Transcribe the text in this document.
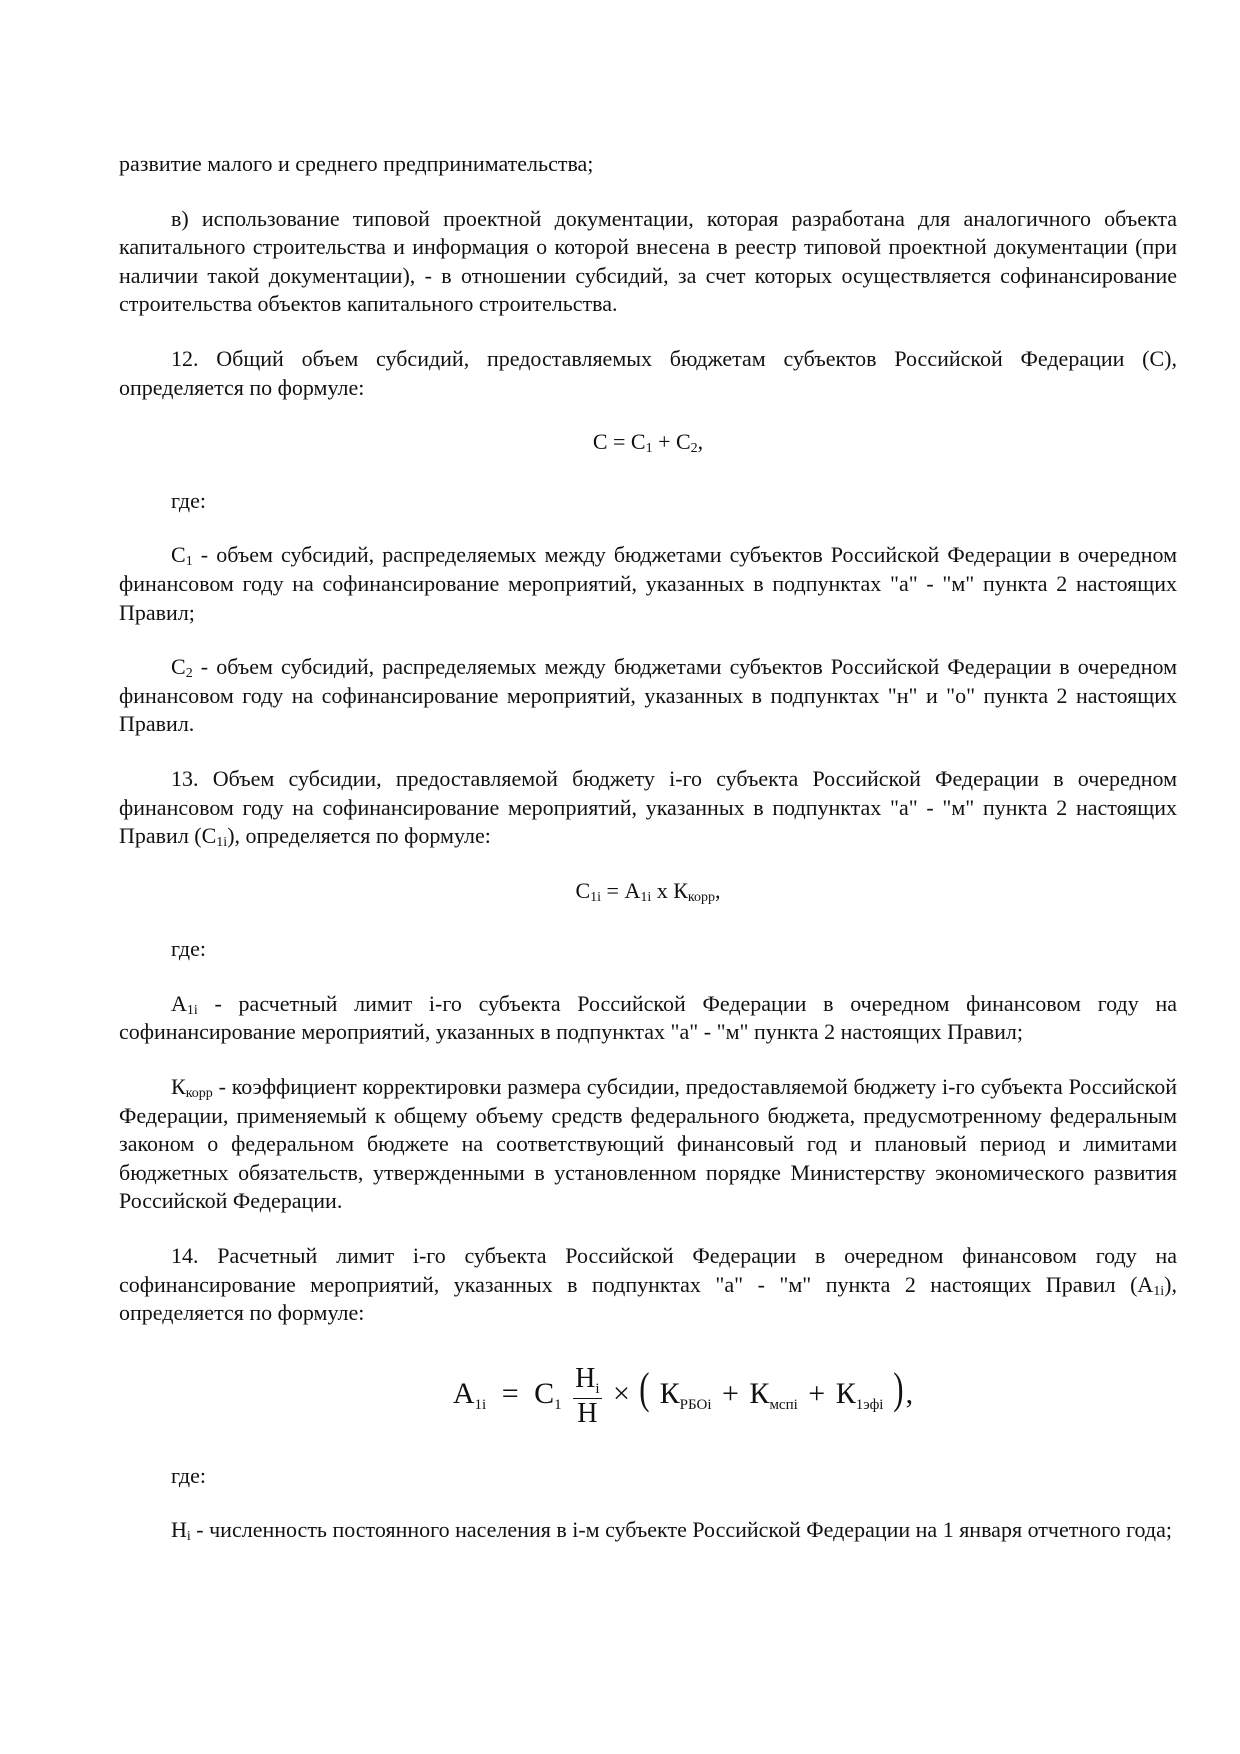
развитие малого и среднего предпринимательства;

в) использование типовой проектной документации, которая разработана для аналогичного объекта капитального строительства и информация о которой внесена в реестр типовой проектной документации (при наличии такой документации), - в отношении субсидий, за счет которых осуществляется софинансирование строительства объектов капитального строительства.

12. Общий объем субсидий, предоставляемых бюджетам субъектов Российской Федерации (С), определяется по формуле:

$С = С_1 + С_2$,

где:

$С_1$ - объем субсидий, распределяемых между бюджетами субъектов Российской Федерации в очередном финансовом году на софинансирование мероприятий, указанных в подпунктах "а" - "м" пункта 2 настоящих Правил;

$С_2$ - объем субсидий, распределяемых между бюджетами субъектов Российской Федерации в очередном финансовом году на софинансирование мероприятий, указанных в подпунктах "н" и "о" пункта 2 настоящих Правил.

13. Объем субсидии, предоставляемой бюджету i-го субъекта Российской Федерации в очередном финансовом году на софинансирование мероприятий, указанных в подпунктах "а" - "м" пункта 2 настоящих Правил $(С_{1i})$, определяется по формуле:

$С_{1i} = А_{1i}$ x $К_{корр}$,

где:

$А_{1i}$ - расчетный лимит i-го субъекта Российской Федерации в очередном финансовом году на софинансирование мероприятий, указанных в подпунктах "а" - "м" пункта 2 настоящих Правил;

$К_{корр}$ - коэффициент корректировки размера субсидии, предоставляемой бюджету i-го субъекта Российской Федерации, применяемый к общему объему средств федерального бюджета, предусмотренному федеральным законом о федеральном бюджете на соответствующий финансовый год и плановый период и лимитами бюджетных обязательств, утвержденными в установленном порядке Министерству экономического развития Российской Федерации.

14. Расчетный лимит i-го субъекта Российской Федерации в очередном финансовом году на софинансирование мероприятий, указанных в подпунктах "а" - "м" пункта 2 настоящих Правил $(А_{1i})$, определяется по формуле:

$А_{1i} = С_1 \frac{Н_i}{Н}$ × ( $К_{РБОi} + К_{мспi} + К_{1эфi}$ ),

где:

$Н_i$ - численность постоянного населения в i-м субъекте Российской Федерации на 1 января отчетного года;
